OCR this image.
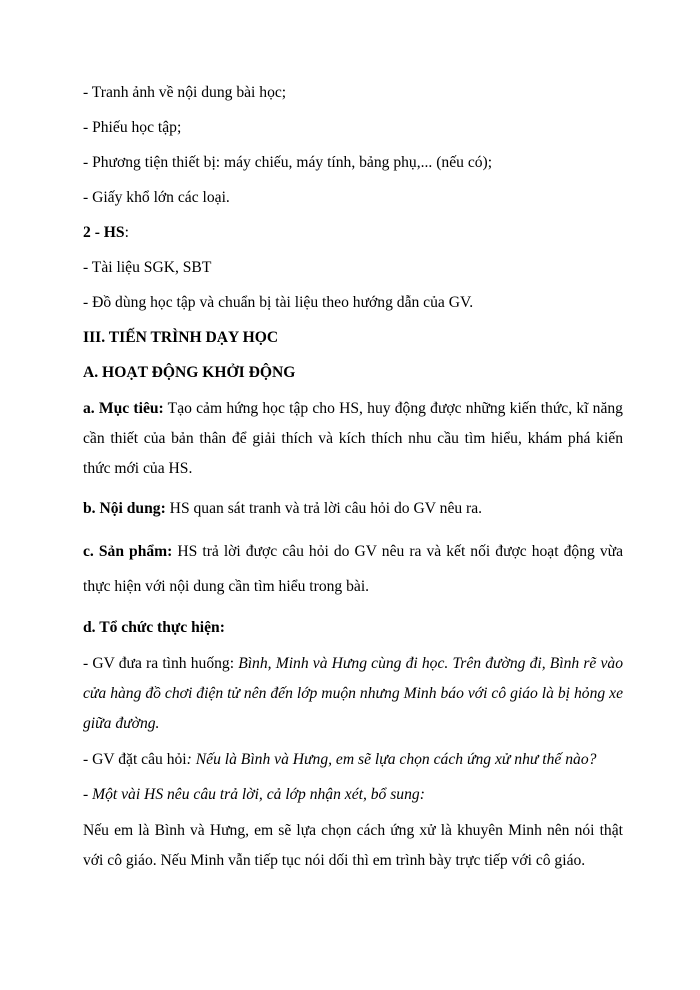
- Tranh ảnh về nội dung bài học;

- Phiếu học tập;

- Phương tiện thiết bị: máy chiếu, máy tính, bảng phụ,... (nếu có);

- Giấy khổ lớn các loại.

2 - HS:

- Tài liệu SGK, SBT

- Đồ dùng học tập và chuẩn bị tài liệu theo hướng dẫn của GV.

III. TIẾN TRÌNH DẠY HỌC

A. HOẠT ĐỘNG KHỞI ĐỘNG

a. Mục tiêu: Tạo cảm hứng học tập cho HS, huy động được những kiến thức, kĩ năng cần thiết của bản thân để giải thích và kích thích nhu cầu tìm hiểu, khám phá kiến thức mới của HS.

b. Nội dung: HS quan sát tranh và trả lời câu hỏi do GV nêu ra.

c. Sản phẩm: HS trả lời được câu hỏi do GV nêu ra và kết nối được hoạt động vừa thực hiện với nội dung cần tìm hiểu trong bài.

d. Tổ chức thực hiện:

- GV đưa ra tình huống: Bình, Minh và Hưng cùng đi học. Trên đường đi, Bình rẽ vào cửa hàng đồ chơi điện tử nên đến lớp muộn nhưng Minh báo với cô giáo là bị hỏng xe giữa đường.

- GV đặt câu hỏi: Nếu là Bình và Hưng, em sẽ lựa chọn cách ứng xử như thế nào?

- Một vài HS nêu câu trả lời, cả lớp nhận xét, bổ sung:

Nếu em là Bình và Hưng, em sẽ lựa chọn cách ứng xử là khuyên Minh nên nói thật với cô giáo. Nếu Minh vẫn tiếp tục nói dối thì em trình bày trực tiếp với cô giáo.
